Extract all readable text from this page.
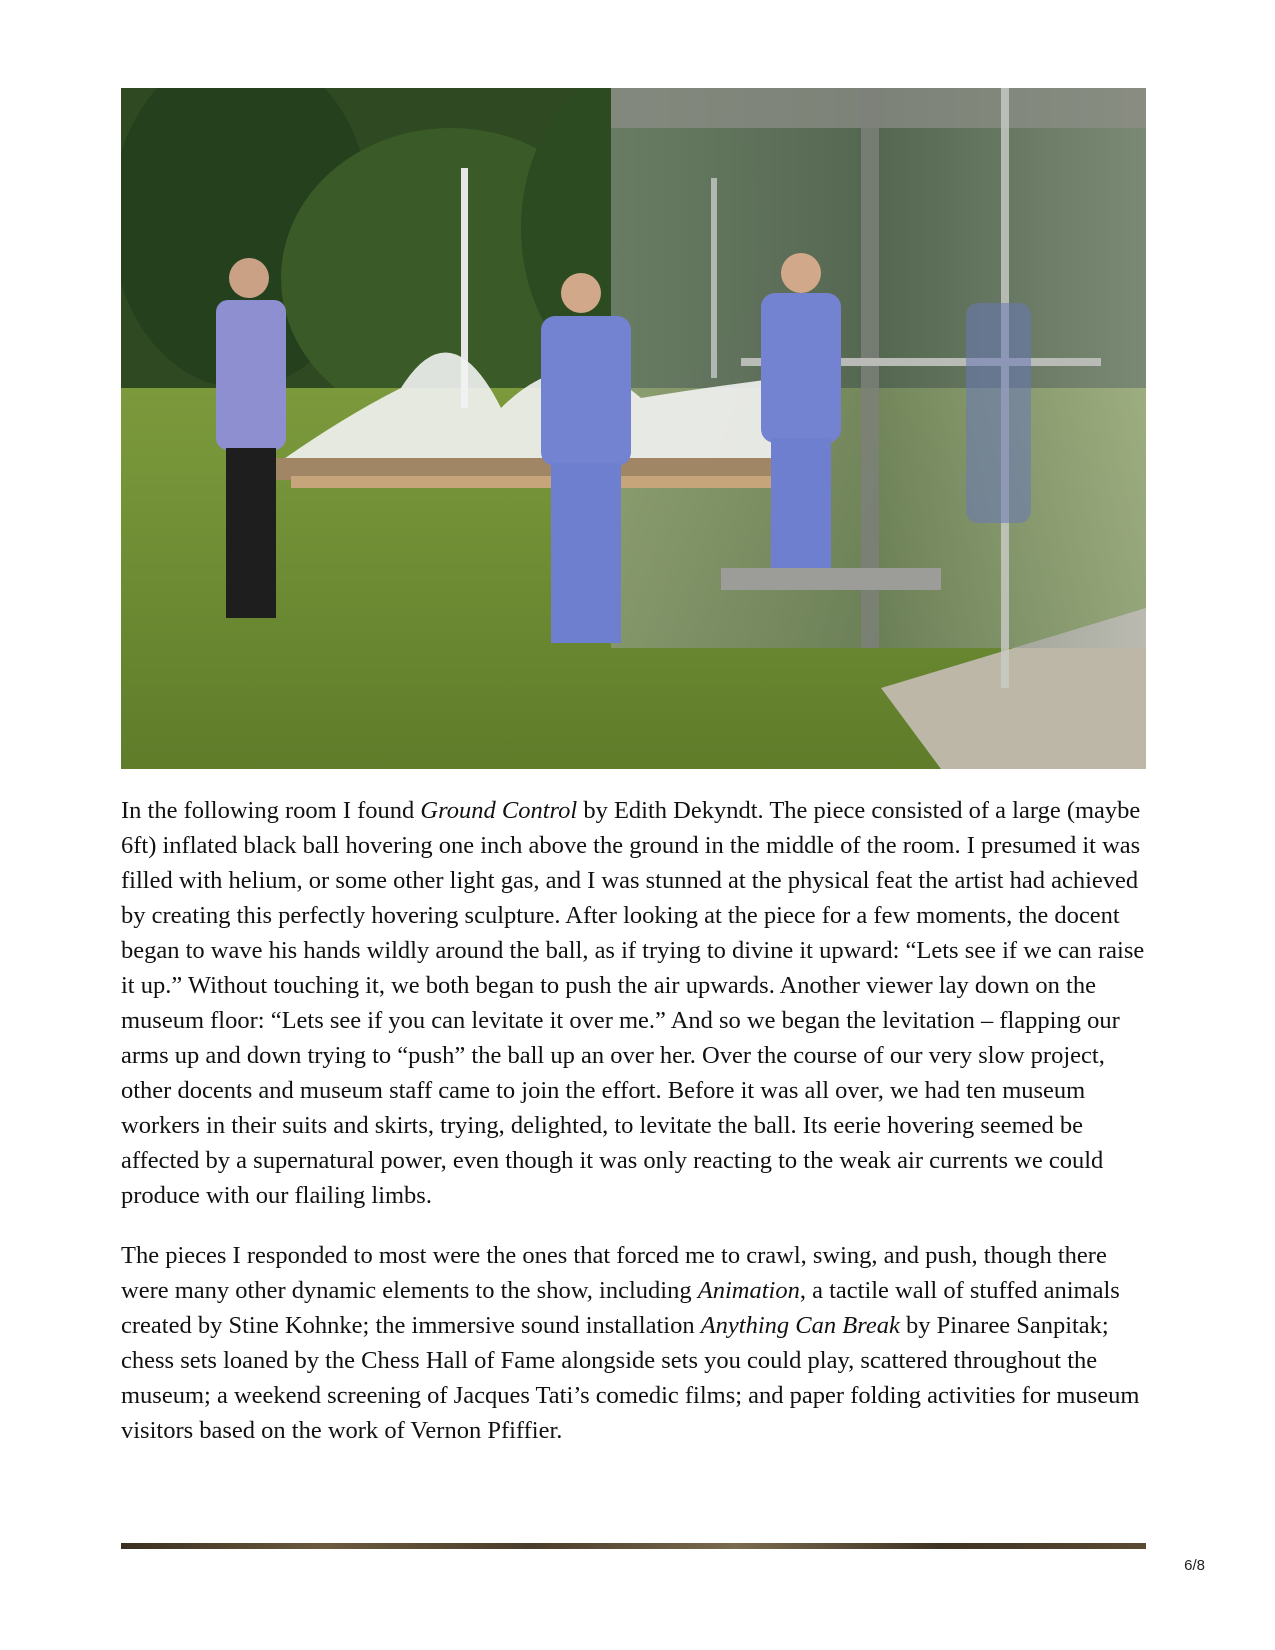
In the following room I found Ground Control by Edith Dekyndt. The piece consisted of a large (maybe 6ft) inflated black ball hovering one inch above the ground in the middle of the room. I presumed it was filled with helium, or some other light gas, and I was stunned at the physical feat the artist had achieved by creating this perfectly hovering sculpture. After looking at the piece for a few moments, the docent began to wave his hands wildly around the ball, as if trying to divine it upward: “Lets see if we can raise it up.” Without touching it, we both began to push the air upwards. Another viewer lay down on the museum floor: “Lets see if you can levitate it over me.” And so we began the levitation – flapping our arms up and down trying to “push” the ball up an over her. Over the course of our very slow project, other docents and museum staff came to join the effort. Before it was all over, we had ten museum workers in their suits and skirts, trying, delighted, to levitate the ball. Its eerie hovering seemed be affected by a supernatural power, even though it was only reacting to the weak air currents we could produce with our flailing limbs.

The pieces I responded to most were the ones that forced me to crawl, swing, and push, though there were many other dynamic elements to the show, including Animation, a tactile wall of stuffed animals created by Stine Kohnke; the immersive sound installation Anything Can Break by Pinaree Sanpitak; chess sets loaned by the Chess Hall of Fame alongside sets you could play, scattered throughout the museum; a weekend screening of Jacques Tati’s comedic films; and paper folding activities for museum visitors based on the work of Vernon Pfiffier.

6/8
